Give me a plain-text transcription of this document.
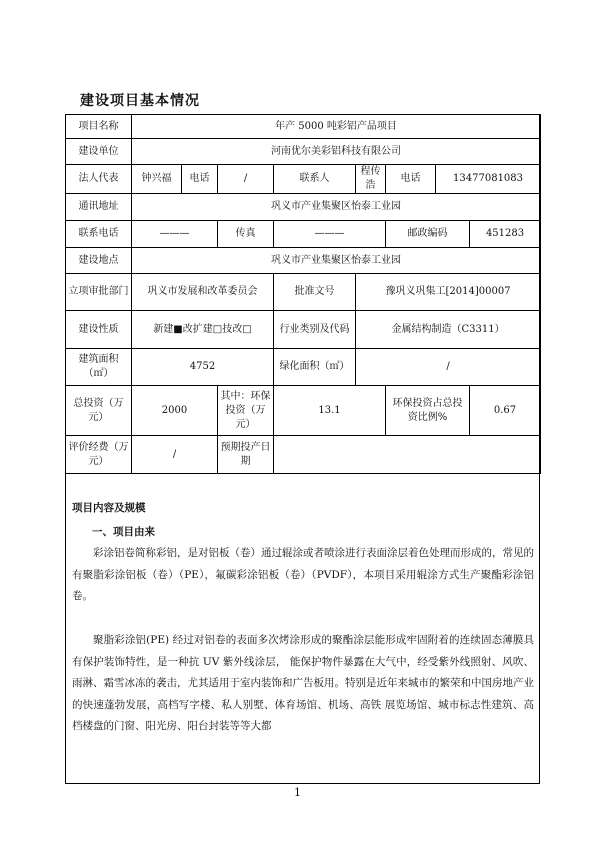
建设项目基本情况
项目名称	年产 5000 吨彩铝产品项目							
建设单位	河南优尔美彩铝科技有限公司							
法人代表	钟兴福	电话	/	联系人	程传浩	电话	13477081083	
通讯地址	巩义市产业集聚区怡泰工业园							
联系电话	———		传真	———		邮政编码		451283
建设地点	巩义市产业集聚区怡泰工业园							
立项审批部门	巩义市发展和改革委员会			批准文号	豫巩义巩集工[2014]00007			
建设性质	新建■改扩建□技改□			行业类别及代码	金属结构制造（C3311）			
建筑面积（㎡）	4752			绿化面积（㎡）	/			
总投资（万元）	2000		其中：环保投资（万元）	13.1		环保投资占总投资比例%		0.67
评价经费（万元）	/		预期投产日期					
项目内容及规模
一、项目由来

彩涂铝卷简称彩铝，是对铝板（卷）通过辊涂或者喷涂进行表面涂层着色处理而形成的，常见的有聚脂彩涂铝板（卷）（PE），氟碳彩涂铝板（卷）（PVDF），本项目采用辊涂方式生产聚酯彩涂铝卷。

聚脂彩涂铝(PE) 经过对铝卷的表面多次烤涂形成的聚酯涂层能形成牢固附着的连续固态薄膜具有保护装饰特性，是一种抗 UV 紫外线涂层， 能保护物件暴露在大气中，经受紫外线照射、风吹、雨淋、霜雪冰冻的袭击，尤其适用于室内装饰和广告板用。特别是近年来城市的繁荣和中国房地产业的快速蓬勃发展，高档写字楼、私人别墅、体育场馆、机场、高铁 展览场馆、城市标志性建筑、高档楼盘的门窗、阳光房、阳台封装等等大都

1
